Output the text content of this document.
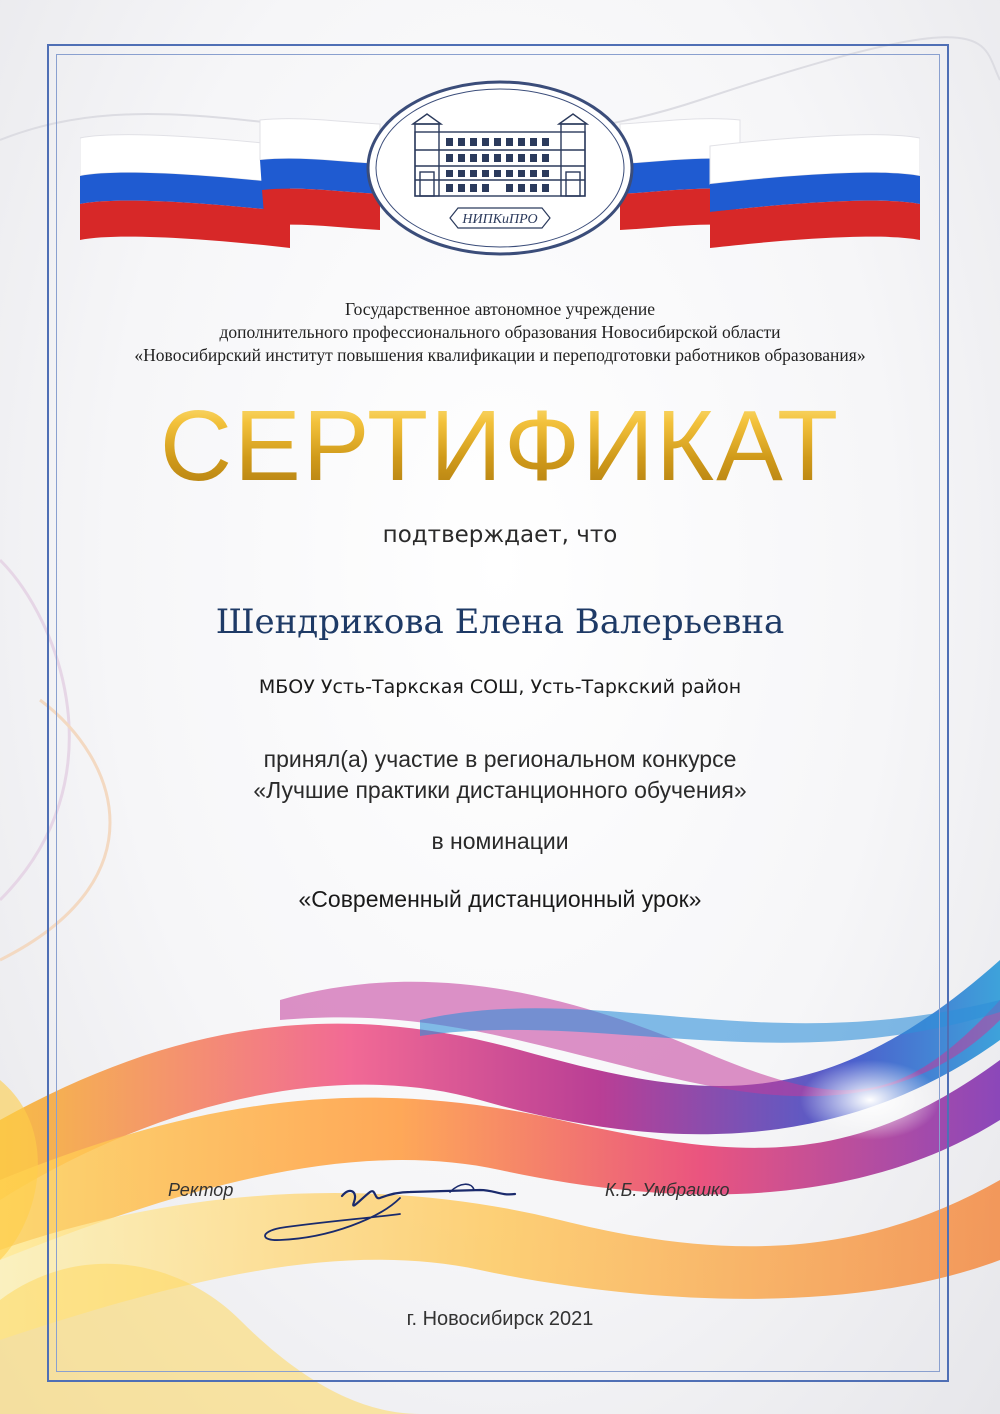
НИПКиПРО
Государственное автономное учреждение
дополнительного профессионального образования Новосибирской области
«Новосибирский институт повышения квалификации и переподготовки работников образования»
СЕРТИФИКАТ
подтверждает, что
Шендрикова Елена Валерьевна
МБОУ Усть-Таркская СОШ, Усть-Таркский район
принял(а) участие в региональном конкурсе
«Лучшие практики дистанционного обучения»
в номинации
«Современный дистанционный урок»
Ректор	К.Б. Умбрашко
г. Новосибирск 2021
